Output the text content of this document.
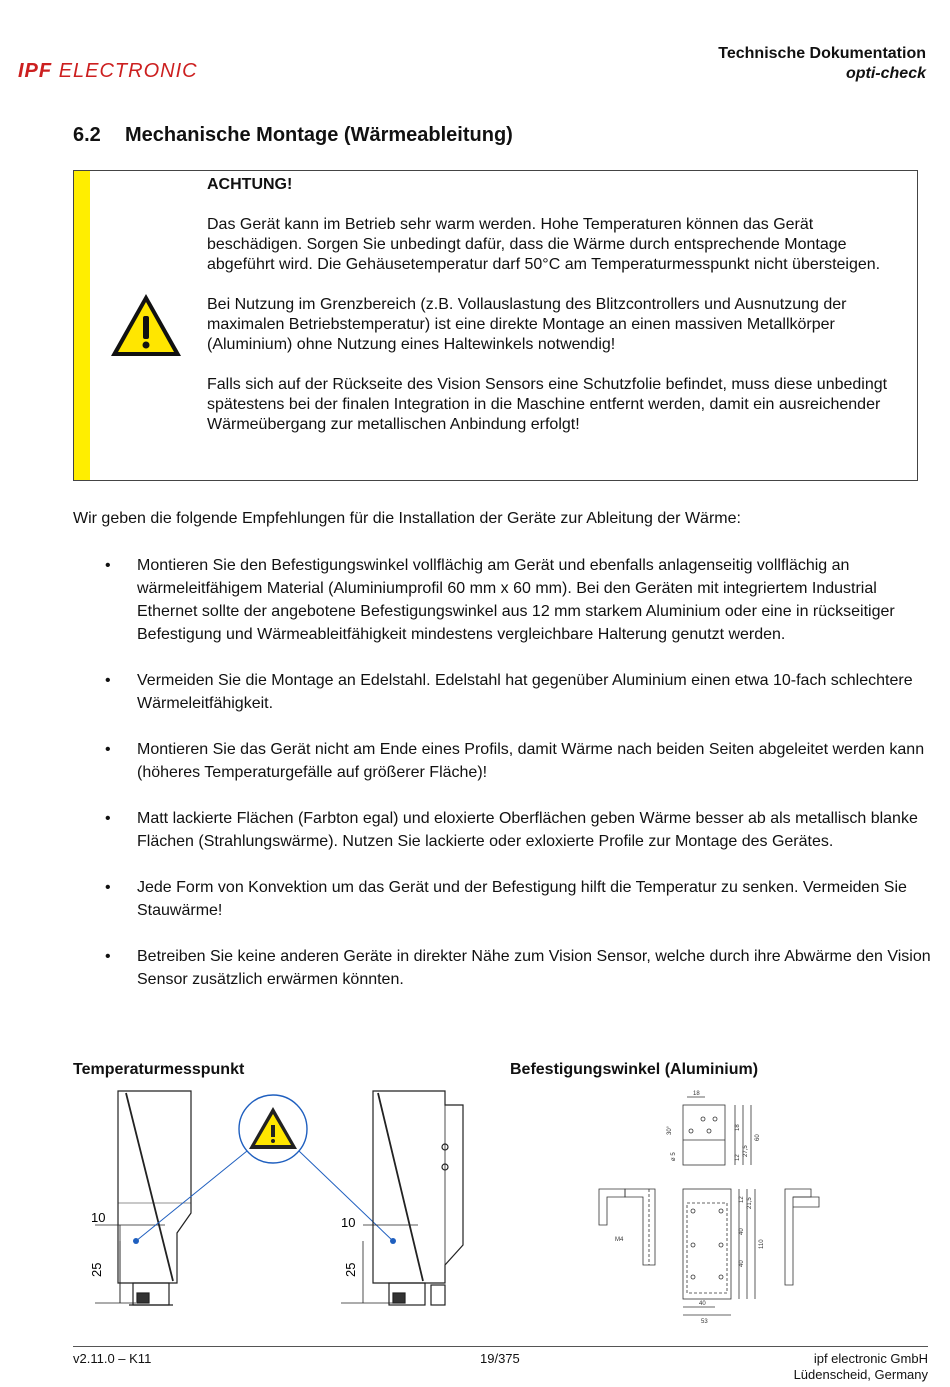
IPF ELECTRONIC
Technische Dokumentation
opti-check
6.2 Mechanische Montage (Wärmeableitung)

ACHTUNG!

Das Gerät kann im Betrieb sehr warm werden. Hohe Temperaturen können das Gerät beschädigen. Sorgen Sie unbedingt dafür, dass die Wärme durch entsprechende Montage abgeführt wird. Die Gehäusetemperatur darf 50°C am Temperaturmesspunkt nicht übersteigen.

Bei Nutzung im Grenzbereich (z.B. Vollauslastung des Blitzcontrollers und Ausnutzung der maximalen Betriebstemperatur) ist eine direkte Montage an einen massiven Metallkörper (Aluminium) ohne Nutzung eines Haltewinkels notwendig!

Falls sich auf der Rückseite des Vision Sensors eine Schutzfolie befindet, muss diese unbedingt spätestens bei der finalen Integration in die Maschine entfernt werden, damit ein ausreichender Wärmeübergang zur metallischen Anbindung erfolgt!

Wir geben die folgende Empfehlungen für die Installation der Geräte zur Ableitung der Wärme:
• Montieren Sie den Befestigungswinkel vollflächig am Gerät und ebenfalls anlagenseitig vollflächig an wärmeleitfähigem Material (Aluminiumprofil 60 mm x 60 mm). Bei den Geräten mit integriertem Industrial Ethernet sollte der angebotene Befestigungswinkel aus 12 mm starkem Aluminium oder eine in rückseitiger Befestigung und Wärmeableitfähigkeit mindestens vergleichbare Halterung genutzt werden.
• Vermeiden Sie die Montage an Edelstahl. Edelstahl hat gegenüber Aluminium einen etwa 10-fach schlechtere Wärmeleitfähigkeit.
• Montieren Sie das Gerät nicht am Ende eines Profils, damit Wärme nach beiden Seiten abgeleitet werden kann (höheres Temperaturgefälle auf größerer Fläche)!
• Matt lackierte Flächen (Farbton egal) und eloxierte Oberflächen geben Wärme besser ab als metallisch blanke Flächen (Strahlungswärme). Nutzen Sie lackierte oder exloxierte Profile zur Montage des Gerätes.
• Jede Form von Konvektion um das Gerät und der Befestigung hilft die Temperatur zu senken. Vermeiden Sie Stauwärme!
• Betreiben Sie keine anderen Geräte in direkter Nähe zum Vision Sensor, welche durch ihre Abwärme den Vision Sensor zusätzlich erwärmen könnten.
Temperaturmesspunkt	Befestigungswinkel (Aluminium)
10
25
10
25
18
30°
ø 5
18
12
27,5
60
12 21,5
M4
40
40
110
40
53
v2.11.0 – K11	19/375	ipf electronic GmbH
Lüdenscheid, Germany
